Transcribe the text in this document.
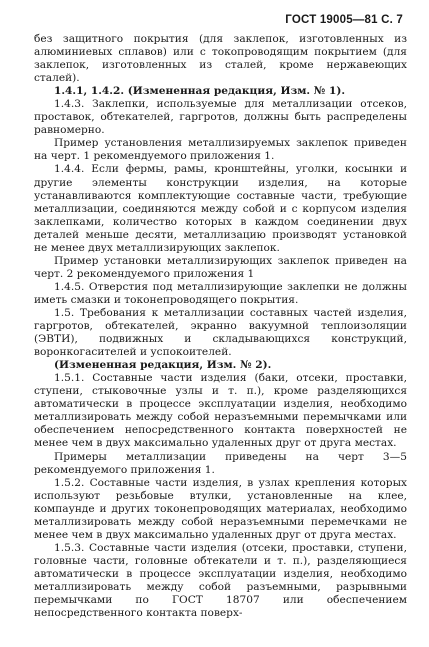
ГОСТ 19005—81 С. 7

без защитного покрытия (для заклепок, изготовленных из алюминиевых сплавов) или с токопроводящим покрытием (для заклепок, изготовленных из сталей, кроме нержавеющих сталей).

1.4.1, 1.4.2. (Измененная редакция, Изм. № 1).

1.4.3. Заклепки, используемые для металлизации отсеков, проставок, обтекателей, гаргротов, должны быть распределены равномерно.

Пример установления металлизируемых заклепок приведен на черт. 1 рекомендуемого приложения 1.

1.4.4. Если фермы, рамы, кронштейны, уголки, косынки и другие элементы конструкции изделия, на которые устанавливаются комплектующие составные части, требующие металлизации, соединяются между собой и с корпусом изделия заклепками, количество которых в каждом соединении двух деталей меньше десяти, металлизацию производят установкой не менее двух металлизирующих заклепок.

Пример установки металлизирующих заклепок приведен на черт. 2 рекомендуемого приложения 1

1.4.5. Отверстия под металлизирующие заклепки не должны иметь смазки и токонепроводящего покрытия.

1.5. Требования к металлизации составных частей изделия, гаргротов, обтекателей, экранно вакуумной теплоизоляции (ЭВТИ), подвижных и складывающихся конструкций, воронкогасителей и успокоителей.

(Измененная редакция, Изм. № 2).

1.5.1. Составные части изделия (баки, отсеки, проставки, ступени, стыковочные узлы и т. п.), кроме разделяющихся автоматически в процессе эксплуатации изделия, необходимо металлизировать между собой неразъемными перемычками или обеспечением непосредственного контакта поверхностей не менее чем в двух максимально удаленных друг от друга местах.

Примеры металлизации приведены на черт 3—5 рекомендуемого приложения 1.

1.5.2. Составные части изделия, в узлах крепления которых используют резьбовые втулки, установленные на клее, компаунде и других токонепроводящих материалах, необходимо металлизировать между собой неразъемными перемечками не менее чем в двух максимально удаленных друг от друга местах.

1.5.3. Составные части изделия (отсеки, проставки, ступени, головные части, головные обтекатели и т. п.), разделяющиеся автоматически в процессе эксплуатации изделия, необходимо металлизировать между собой разъемными, разрывными перемычками по ГОСТ 18707 или обеспечением непосредственного контакта поверх-
